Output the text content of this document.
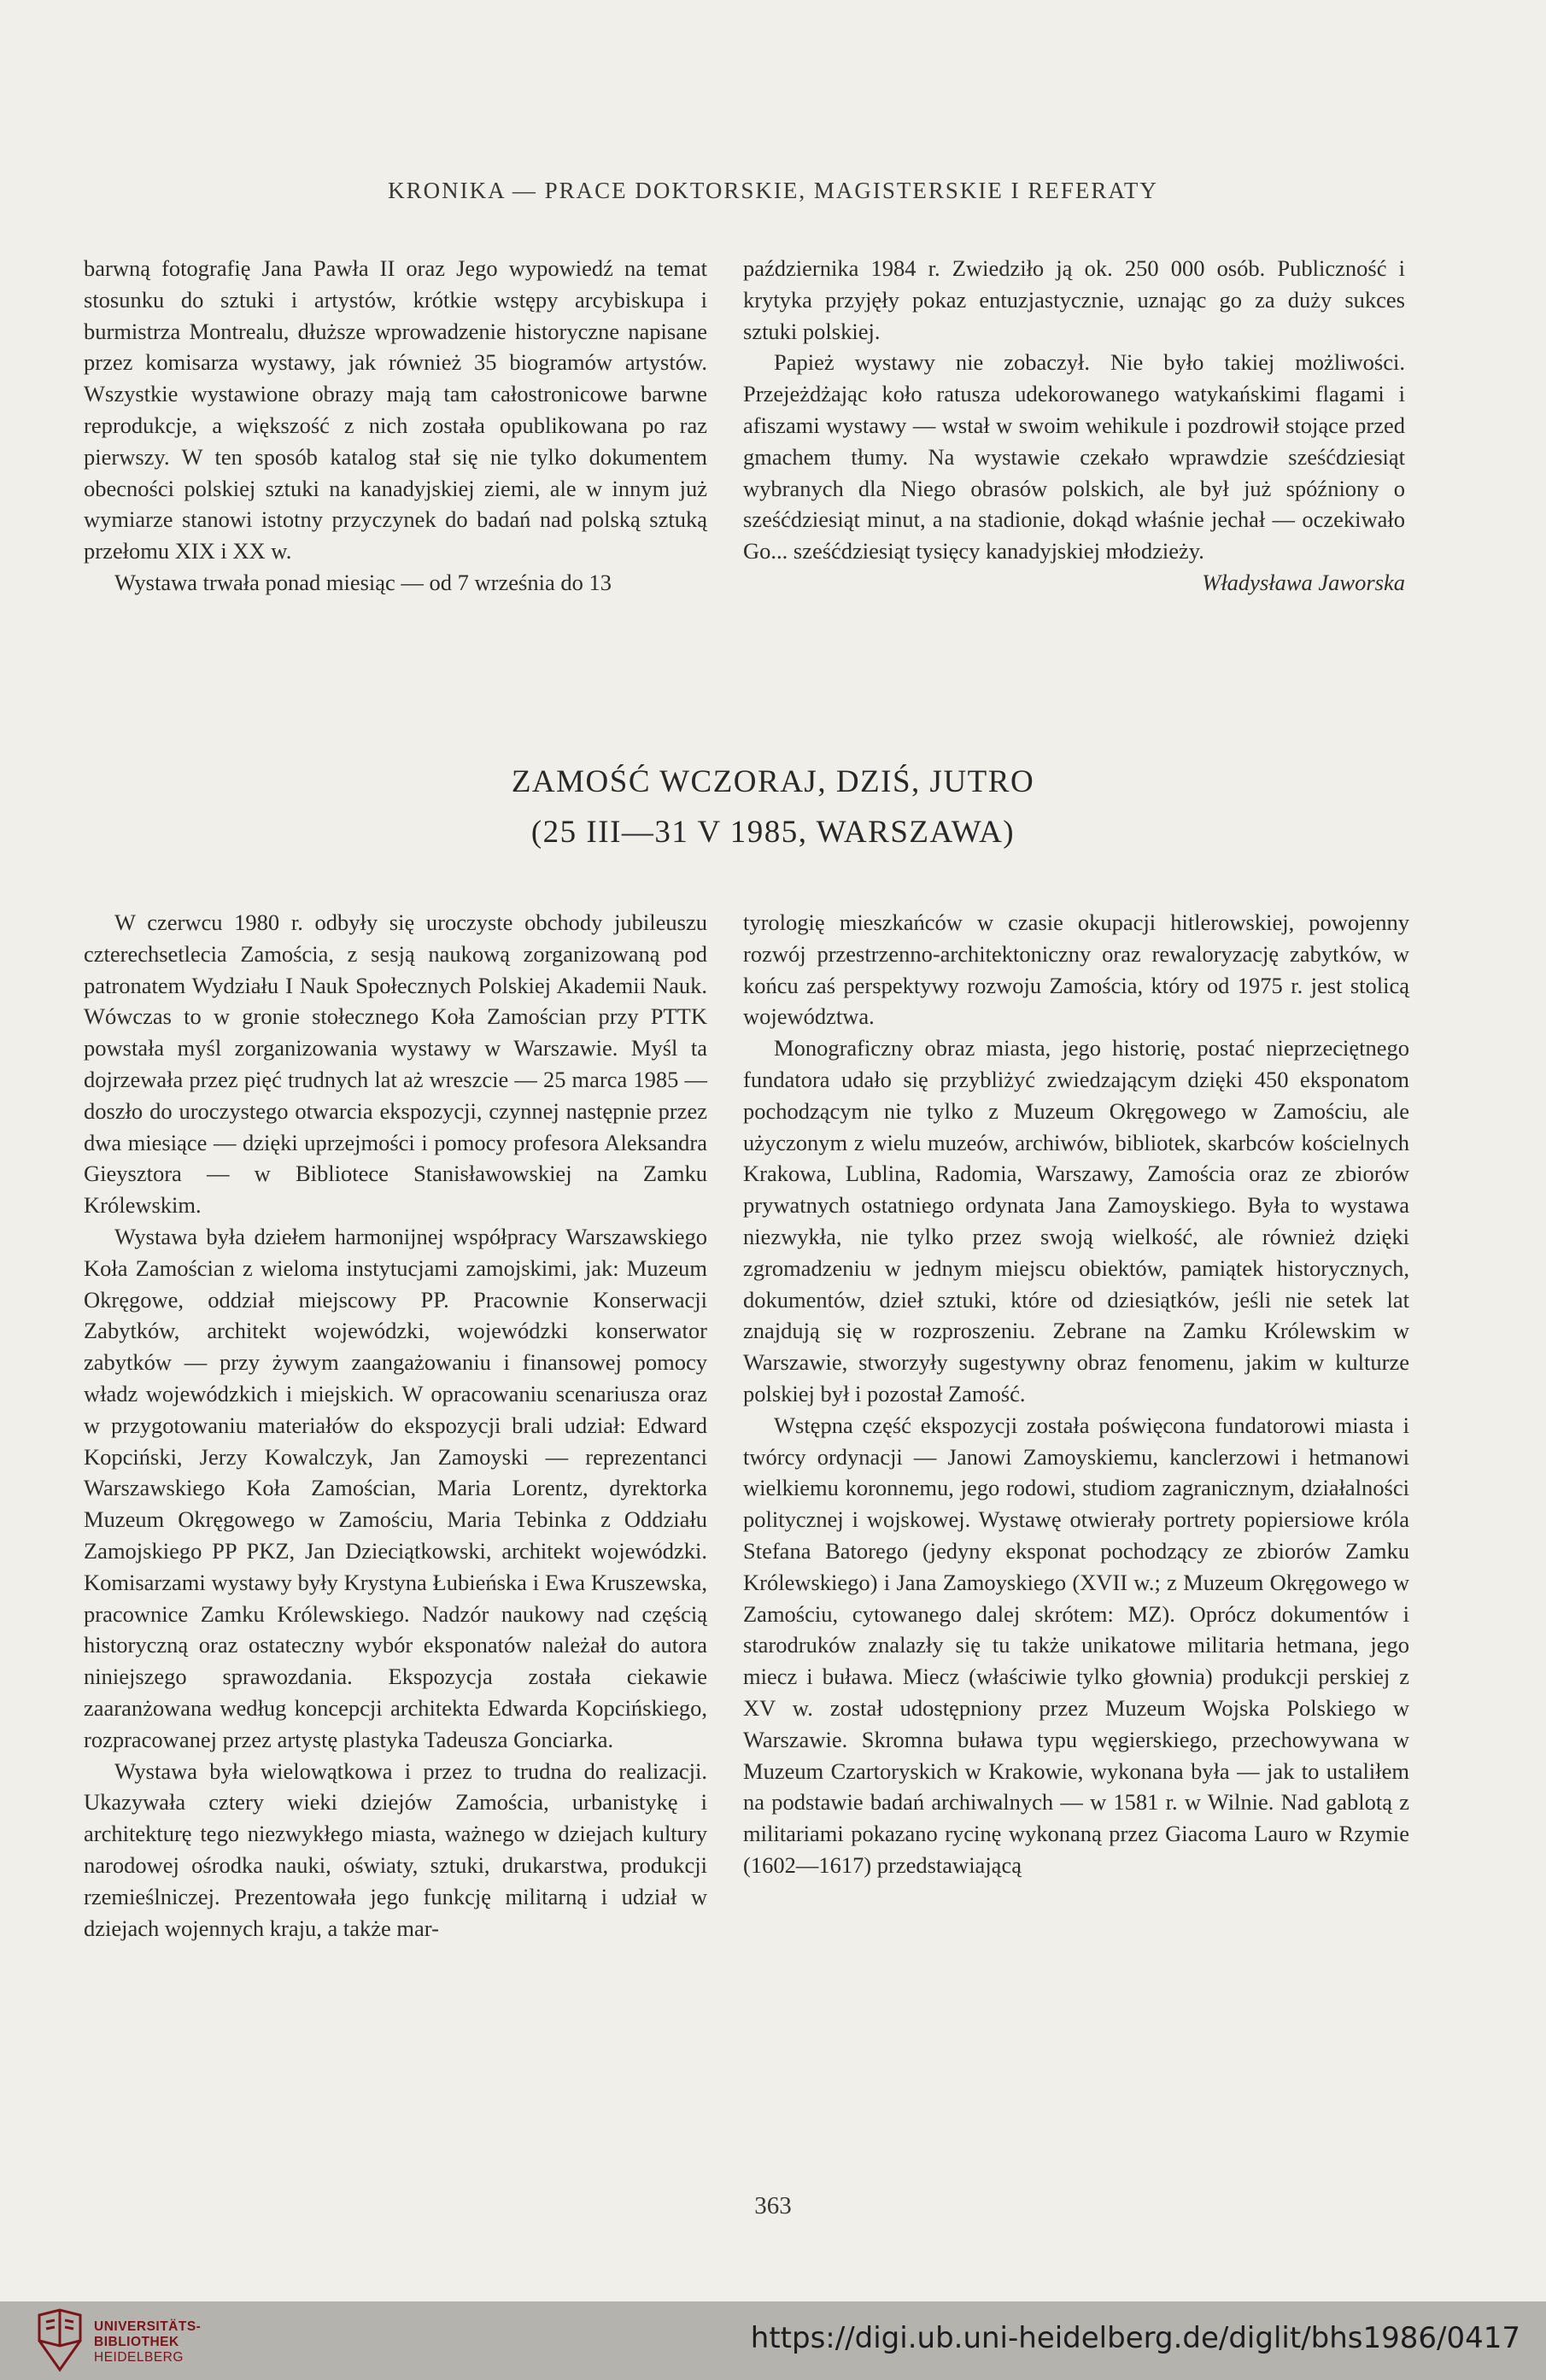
KRONIKA — PRACE DOKTORSKIE, MAGISTERSKIE I REFERATY

barwną fotografię Jana Pawła II oraz Jego wypowiedź na temat stosunku do sztuki i artystów, krótkie wstępy arcybiskupa i burmistrza Montrealu, dłuższe wprowadzenie historyczne napisane przez komisarza wystawy, jak również 35 biogramów artystów. Wszystkie wystawione obrazy mają tam całostronicowe barwne reprodukcje, a większość z nich została opublikowana po raz pierwszy. W ten sposób katalog stał się nie tylko dokumentem obecności polskiej sztuki na kanadyjskiej ziemi, ale w innym już wymiarze stanowi istotny przyczynek do badań nad polską sztuką przełomu XIX i XX w.

Wystawa trwała ponad miesiąc — od 7 września do 13

października 1984 r. Zwiedziło ją ok. 250 000 osób. Publiczność i krytyka przyjęły pokaz entuzjastycznie, uznając go za duży sukces sztuki polskiej.

Papież wystawy nie zobaczył. Nie było takiej możliwości. Przejeżdżając koło ratusza udekorowanego watykańskimi flagami i afiszami wystawy — wstał w swoim wehikule i pozdrowił stojące przed gmachem tłumy. Na wystawie czekało wprawdzie sześćdziesiąt wybranych dla Niego obrasów polskich, ale był już spóźniony o sześćdziesiąt minut, a na stadionie, dokąd właśnie jechał — oczekiwało Go... sześćdziesiąt tysięcy kanadyjskiej młodzieży.

Władysława Jaworska

ZAMOŚĆ WCZORAJ, DZIŚ, JUTRO
(25 III—31 V 1985, WARSZAWA)

W czerwcu 1980 r. odbyły się uroczyste obchody jubileuszu czterechsetlecia Zamościa, z sesją naukową zorganizowaną pod patronatem Wydziału I Nauk Społecznych Polskiej Akademii Nauk. Wówczas to w gronie stołecznego Koła Zamościan przy PTTK powstała myśl zorganizowania wystawy w Warszawie. Myśl ta dojrzewała przez pięć trudnych lat aż wreszcie — 25 marca 1985 — doszło do uroczystego otwarcia ekspozycji, czynnej następnie przez dwa miesiące — dzięki uprzejmości i pomocy profesora Aleksandra Gieysztora — w Bibliotece Stanisławowskiej na Zamku Królewskim.

Wystawa była dziełem harmonijnej współpracy Warszawskiego Koła Zamościan z wieloma instytucjami zamojskimi, jak: Muzeum Okręgowe, oddział miejscowy PP. Pracownie Konserwacji Zabytków, architekt wojewódzki, wojewódzki konserwator zabytków — przy żywym zaangażowaniu i finansowej pomocy władz wojewódzkich i miejskich. W opracowaniu scenariusza oraz w przygotowaniu materiałów do ekspozycji brali udział: Edward Kopciński, Jerzy Kowalczyk, Jan Zamoyski — reprezentanci Warszawskiego Koła Zamościan, Maria Lorentz, dyrektorka Muzeum Okręgowego w Zamościu, Maria Tebinka z Oddziału Zamojskiego PP PKZ, Jan Dzieciątkowski, architekt wojewódzki. Komisarzami wystawy były Krystyna Łubieńska i Ewa Kruszewska, pracownice Zamku Królewskiego. Nadzór naukowy nad częścią historyczną oraz ostateczny wybór eksponatów należał do autora niniejszego sprawozdania. Ekspozycja została ciekawie zaaranżowana według koncepcji architekta Edwarda Kopcińskiego, rozpracowanej przez artystę plastyka Tadeusza Gonciarka.

Wystawa była wielowątkowa i przez to trudna do realizacji. Ukazywała cztery wieki dziejów Zamościa, urbanistykę i architekturę tego niezwykłego miasta, ważnego w dziejach kultury narodowej ośrodka nauki, oświaty, sztuki, drukarstwa, produkcji rzemieślniczej. Prezentowała jego funkcję militarną i udział w dziejach wojennych kraju, a także mar-

tyrologię mieszkańców w czasie okupacji hitlerowskiej, powojenny rozwój przestrzenno-architektoniczny oraz rewaloryzację zabytków, w końcu zaś perspektywy rozwoju Zamościa, który od 1975 r. jest stolicą województwa.

Monograficzny obraz miasta, jego historię, postać nieprzeciętnego fundatora udało się przybliżyć zwiedzającym dzięki 450 eksponatom pochodzącym nie tylko z Muzeum Okręgowego w Zamościu, ale użyczonym z wielu muzeów, archiwów, bibliotek, skarbców kościelnych Krakowa, Lublina, Radomia, Warszawy, Zamościa oraz ze zbiorów prywatnych ostatniego ordynata Jana Zamoyskiego. Była to wystawa niezwykła, nie tylko przez swoją wielkość, ale również dzięki zgromadzeniu w jednym miejscu obiektów, pamiątek historycznych, dokumentów, dzieł sztuki, które od dziesiątków, jeśli nie setek lat znajdują się w rozproszeniu. Zebrane na Zamku Królewskim w Warszawie, stworzyły sugestywny obraz fenomenu, jakim w kulturze polskiej był i pozostał Zamość.

Wstępna część ekspozycji została poświęcona fundatorowi miasta i twórcy ordynacji — Janowi Zamoyskiemu, kanclerzowi i hetmanowi wielkiemu koronnemu, jego rodowi, studiom zagranicznym, działalności politycznej i wojskowej. Wystawę otwierały portrety popiersiowe króla Stefana Batorego (jedyny eksponat pochodzący ze zbiorów Zamku Królewskiego) i Jana Zamoyskiego (XVII w.; z Muzeum Okręgowego w Zamościu, cytowanego dalej skrótem: MZ). Oprócz dokumentów i starodruków znalazły się tu także unikatowe militaria hetmana, jego miecz i buława. Miecz (właściwie tylko głownia) produkcji perskiej z XV w. został udostępniony przez Muzeum Wojska Polskiego w Warszawie. Skromna buława typu węgierskiego, przechowywana w Muzeum Czartoryskich w Krakowie, wykonana była — jak to ustaliłem na podstawie badań archiwalnych — w 1581 r. w Wilnie. Nad gablotą z militariami pokazano rycinę wykonaną przez Giacoma Lauro w Rzymie (1602—1617) przedstawiającą

363
UNIVERSITÄTS-
BIBLIOTHEK
HEIDELBERG
https://digi.ub.uni-heidelberg.de/diglit/bhs1986/0417
